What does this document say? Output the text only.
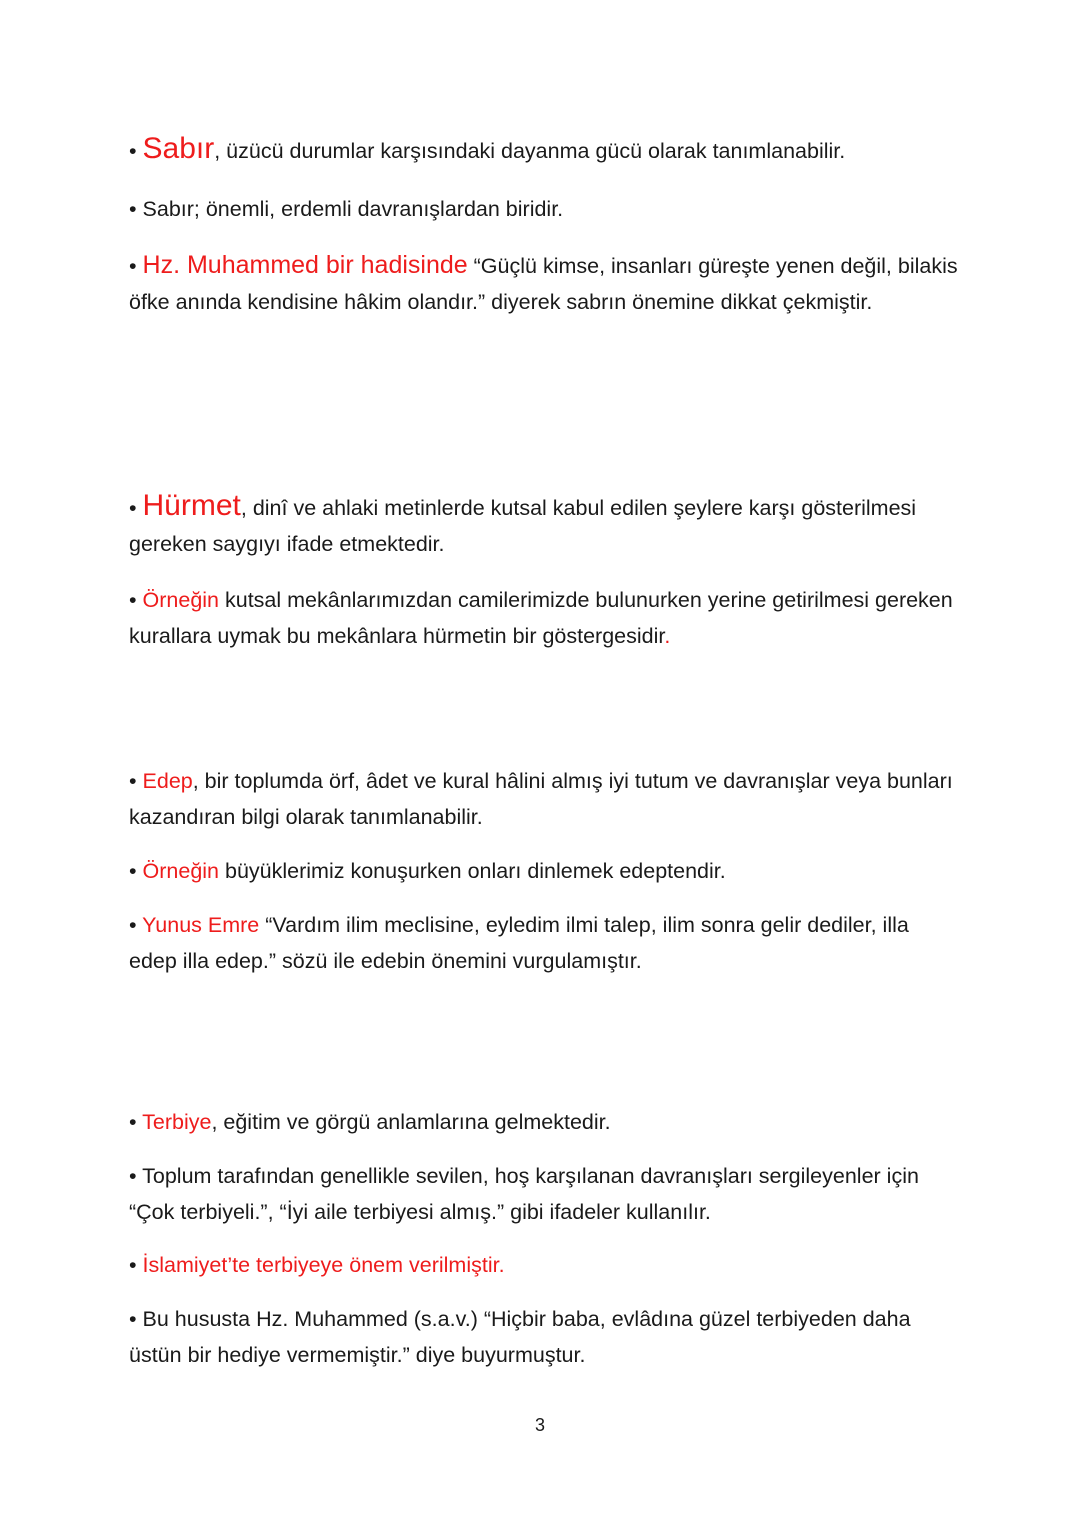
• Sabır, üzücü durumlar karşısındaki dayanma gücü olarak tanımlanabilir.

• Sabır; önemli, erdemli davranışlardan biridir.

• Hz. Muhammed bir hadisinde “Güçlü kimse, insanları güreşte yenen değil, bilakis öfke anında kendisine hâkim olandır.” diyerek sabrın önemine dikkat çekmiştir.

• Hürmet, dinî ve ahlaki metinlerde kutsal kabul edilen şeylere karşı gösterilmesi gereken saygıyı ifade etmektedir.

• Örneğin kutsal mekânlarımızdan camilerimizde bulunurken yerine getirilmesi gereken kurallara uymak bu mekânlara hürmetin bir göstergesidir.

• Edep, bir toplumda örf, âdet ve kural hâlini almış iyi tutum ve davranışlar veya bunları kazandıran bilgi olarak tanımlanabilir.

• Örneğin büyüklerimiz konuşurken onları dinlemek edeptendir.

• Yunus Emre “Vardım ilim meclisine, eyledim ilmi talep, ilim sonra gelir dediler, illa edep illa edep.” sözü ile edebin önemini vurgulamıştır.

• Terbiye, eğitim ve görgü anlamlarına gelmektedir.

• Toplum tarafından genellikle sevilen, hoş karşılanan davranışları sergileyenler için “Çok terbiyeli.”, “İyi aile terbiyesi almış.” gibi ifadeler kullanılır.

• İslamiyet’te terbiyeye önem verilmiştir.

• Bu hususta Hz. Muhammed (s.a.v.) “Hiçbir baba, evlâdına güzel terbiyeden daha üstün bir hediye vermemiştir.” diye buyurmuştur.

3
